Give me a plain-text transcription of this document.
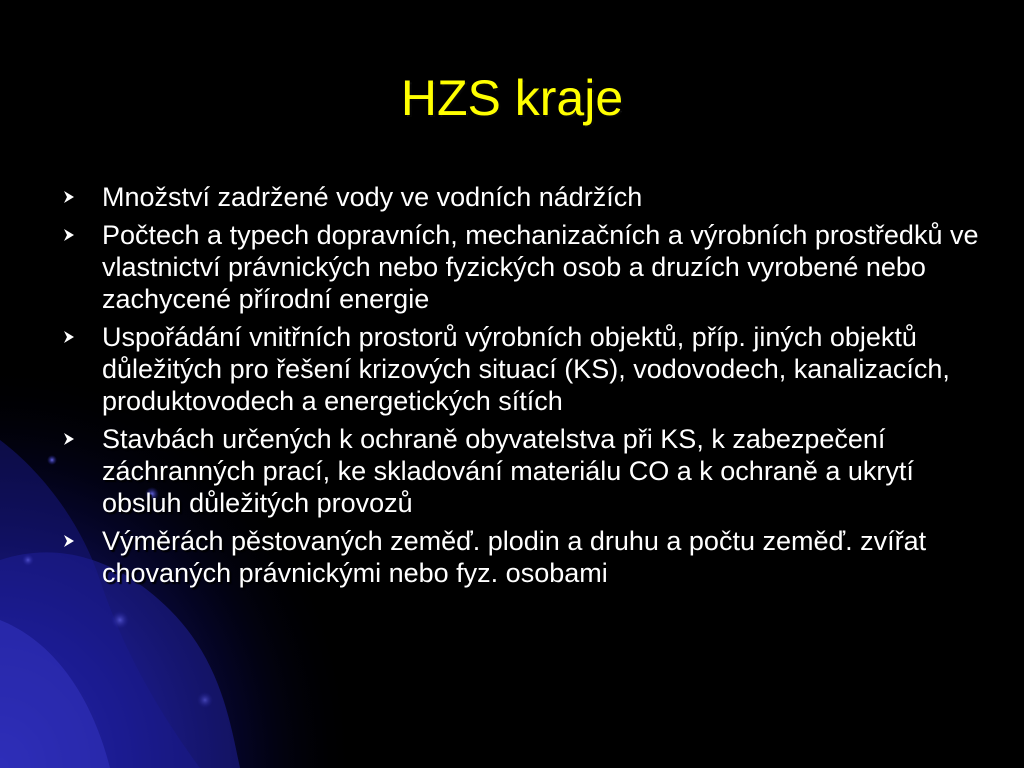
HZS kraje
Množství zadržené vody ve vodních nádržích
Počtech a typech dopravních, mechanizačních a výrobních prostředků ve vlastnictví právnických nebo fyzických osob a druzích vyrobené nebo zachycené přírodní energie
Uspořádání vnitřních prostorů výrobních objektů, příp. jiných objektů důležitých pro řešení krizových situací (KS), vodovodech, kanalizacích, produktovodech a energetických sítích
Stavbách určených k ochraně obyvatelstva při KS, k zabezpečení záchranných prací, ke skladování materiálu CO a k ochraně a ukrytí obsluh důležitých provozů
Výměrách pěstovaných zeměď. plodin a druhu a počtu zeměď. zvířat chovaných právnickými nebo fyz. osobami
